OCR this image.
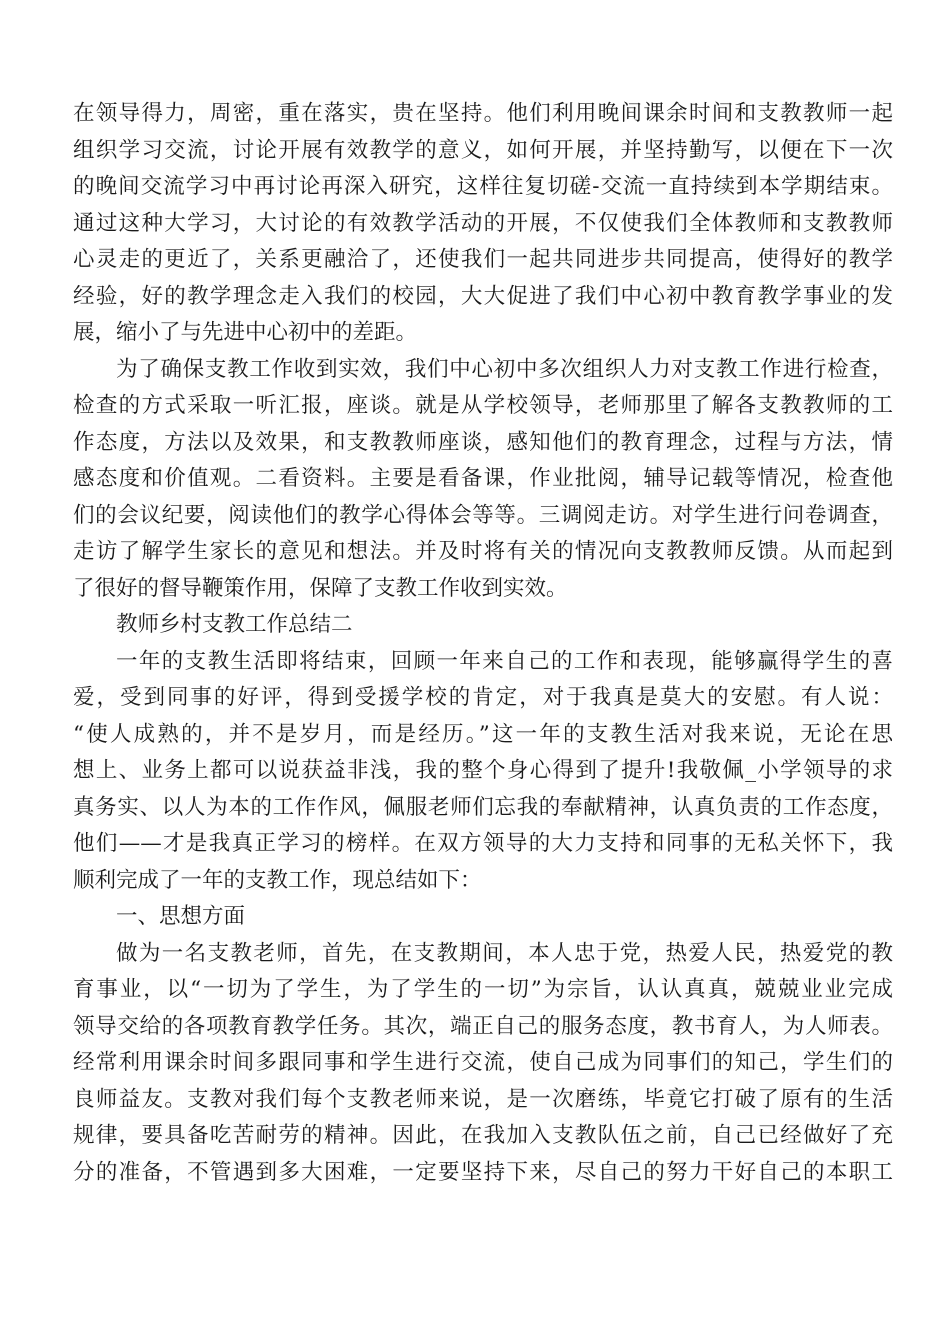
在领导得力，周密，重在落实，贵在坚持。他们利用晚间课余时间和支教教师一起
组织学习交流，讨论开展有效教学的意义，如何开展，并坚持勤写，以便在下一次
的晚间交流学习中再讨论再深入研究，这样往复切磋-交流一直持续到本学期结束。
通过这种大学习，大讨论的有效教学活动的开展，不仅使我们全体教师和支教教师
心灵走的更近了，关系更融洽了，还使我们一起共同进步共同提高，使得好的教学
经验，好的教学理念走入我们的校园，大大促进了我们中心初中教育教学事业的发
展，缩小了与先进中心初中的差距。
为了确保支教工作收到实效，我们中心初中多次组织人力对支教工作进行检查，
检查的方式采取一听汇报，座谈。就是从学校领导，老师那里了解各支教教师的工
作态度，方法以及效果，和支教教师座谈，感知他们的教育理念，过程与方法，情
感态度和价值观。二看资料。主要是看备课，作业批阅，辅导记载等情况，检查他
们的会议纪要，阅读他们的教学心得体会等等。三调阅走访。对学生进行问卷调查，
走访了解学生家长的意见和想法。并及时将有关的情况向支教教师反馈。从而起到
了很好的督导鞭策作用，保障了支教工作收到实效。
教师乡村支教工作总结二
一年的支教生活即将结束，回顾一年来自己的工作和表现，能够赢得学生的喜
爱，受到同事的好评，得到受援学校的肯定，对于我真是莫大的安慰。有人说：
“使人成熟的，并不是岁月，而是经历。”这一年的支教生活对我来说，无论在思
想上、业务上都可以说获益非浅，我的整个身心得到了提升!我敬佩_小学领导的求
真务实、以人为本的工作作风，佩服老师们忘我的奉献精神，认真负责的工作态度，
他们——才是我真正学习的榜样。在双方领导的大力支持和同事的无私关怀下，我
顺利完成了一年的支教工作，现总结如下：
一、思想方面
做为一名支教老师，首先，在支教期间，本人忠于党，热爱人民，热爱党的教
育事业，以“一切为了学生，为了学生的一切”为宗旨，认认真真，兢兢业业完成
领导交给的各项教育教学任务。其次，端正自己的服务态度，教书育人，为人师表。
经常利用课余时间多跟同事和学生进行交流，使自己成为同事们的知己，学生们的
良师益友。支教对我们每个支教老师来说，是一次磨练，毕竟它打破了原有的生活
规律，要具备吃苦耐劳的精神。因此，在我加入支教队伍之前，自己已经做好了充
分的准备，不管遇到多大困难，一定要坚持下来，尽自己的努力干好自己的本职工
